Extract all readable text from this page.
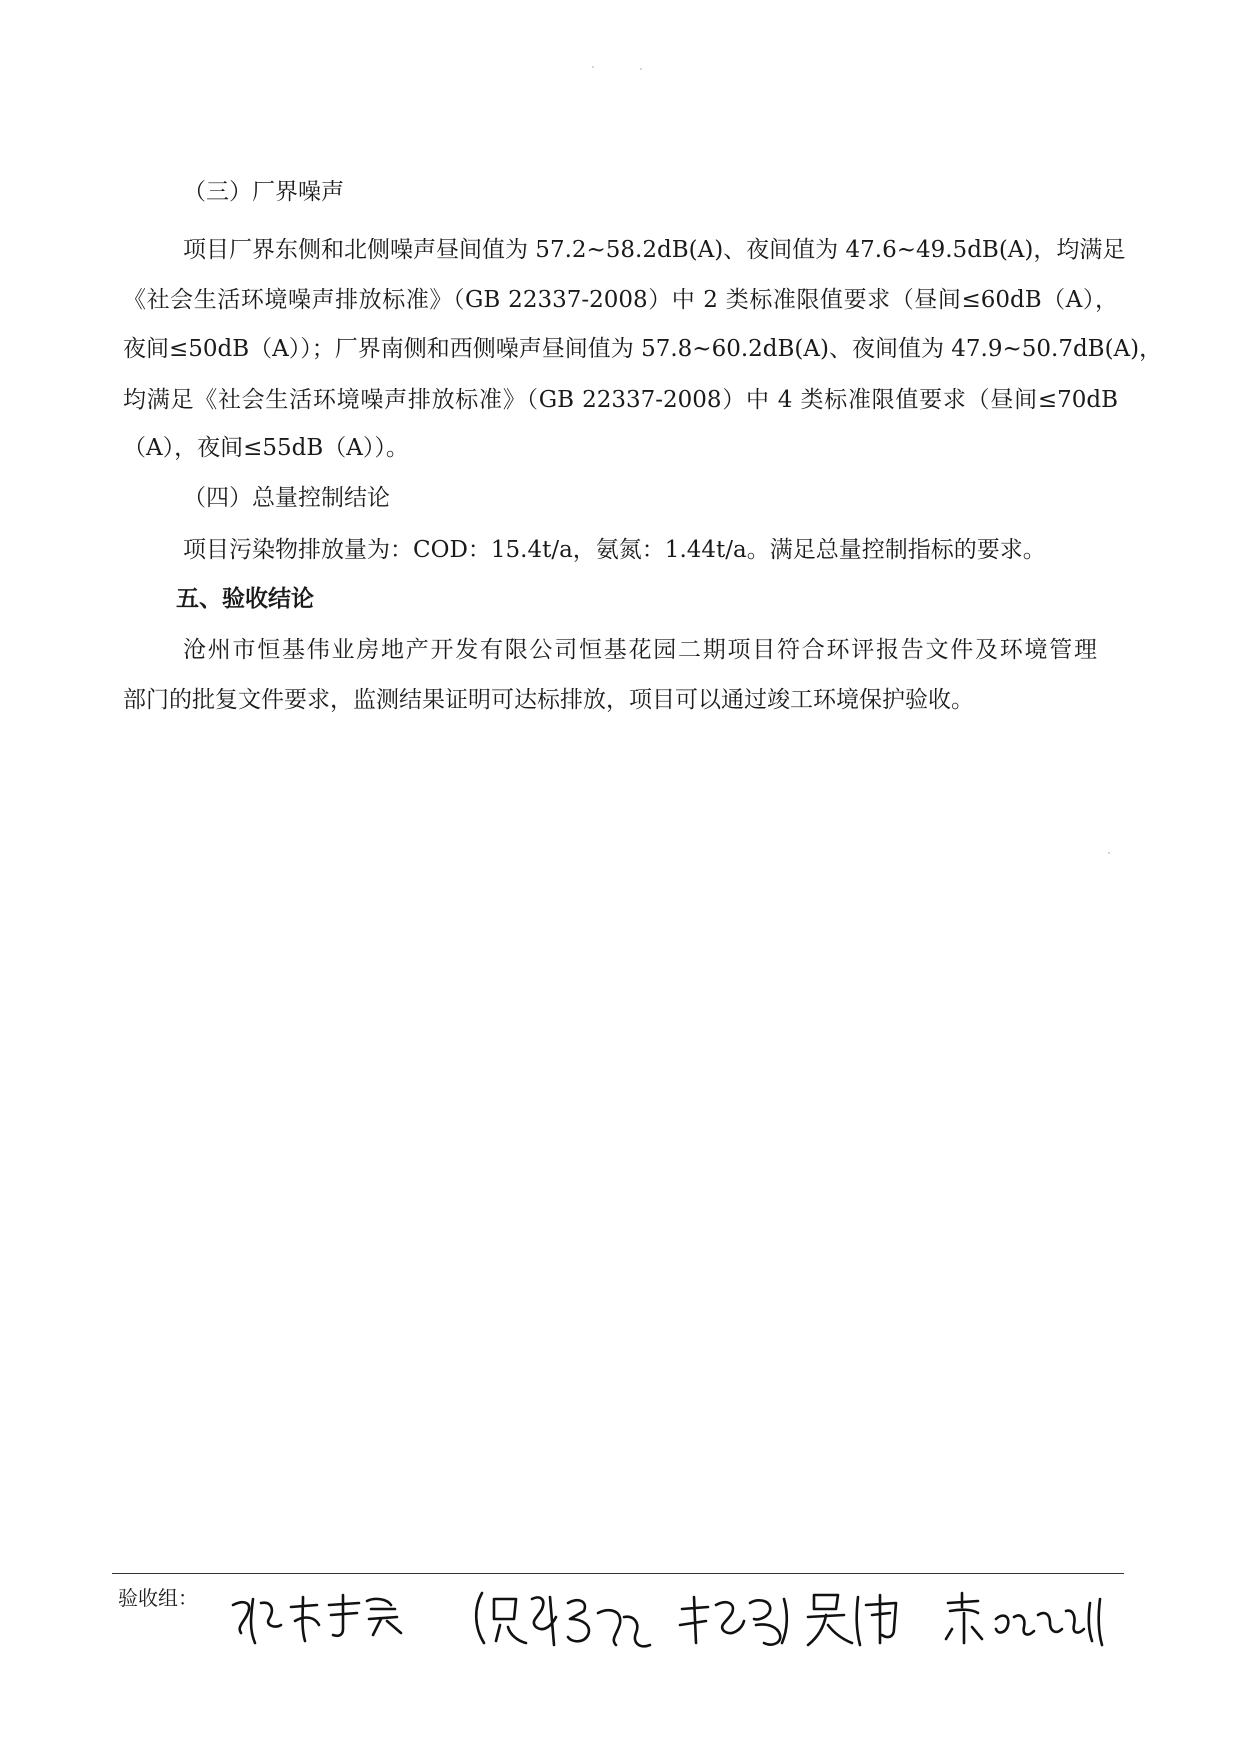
（三）厂界噪声
项目厂界东侧和北侧噪声昼间值为 57.2~58.2dB(A)、夜间值为 47.6~49.5dB(A)，均满足
《社会生活环境噪声排放标准》（GB 22337-2008）中 2 类标准限值要求（昼间≤60dB（A），
夜间≤50dB（A））；厂界南侧和西侧噪声昼间值为 57.8~60.2dB(A)、夜间值为 47.9~50.7dB(A)，
均满足《社会生活环境噪声排放标准》（GB 22337-2008）中 4 类标准限值要求（昼间≤70dB
（A），夜间≤55dB（A））。
（四）总量控制结论
项目污染物排放量为：COD：15.4t/a，氨氮：1.44t/a。满足总量控制指标的要求。
五、验收结论
沧州市恒基伟业房地产开发有限公司恒基花园二期项目符合环评报告文件及环境管理
部门的批复文件要求，监测结果证明可达标排放，项目可以通过竣工环境保护验收。
验收组：
